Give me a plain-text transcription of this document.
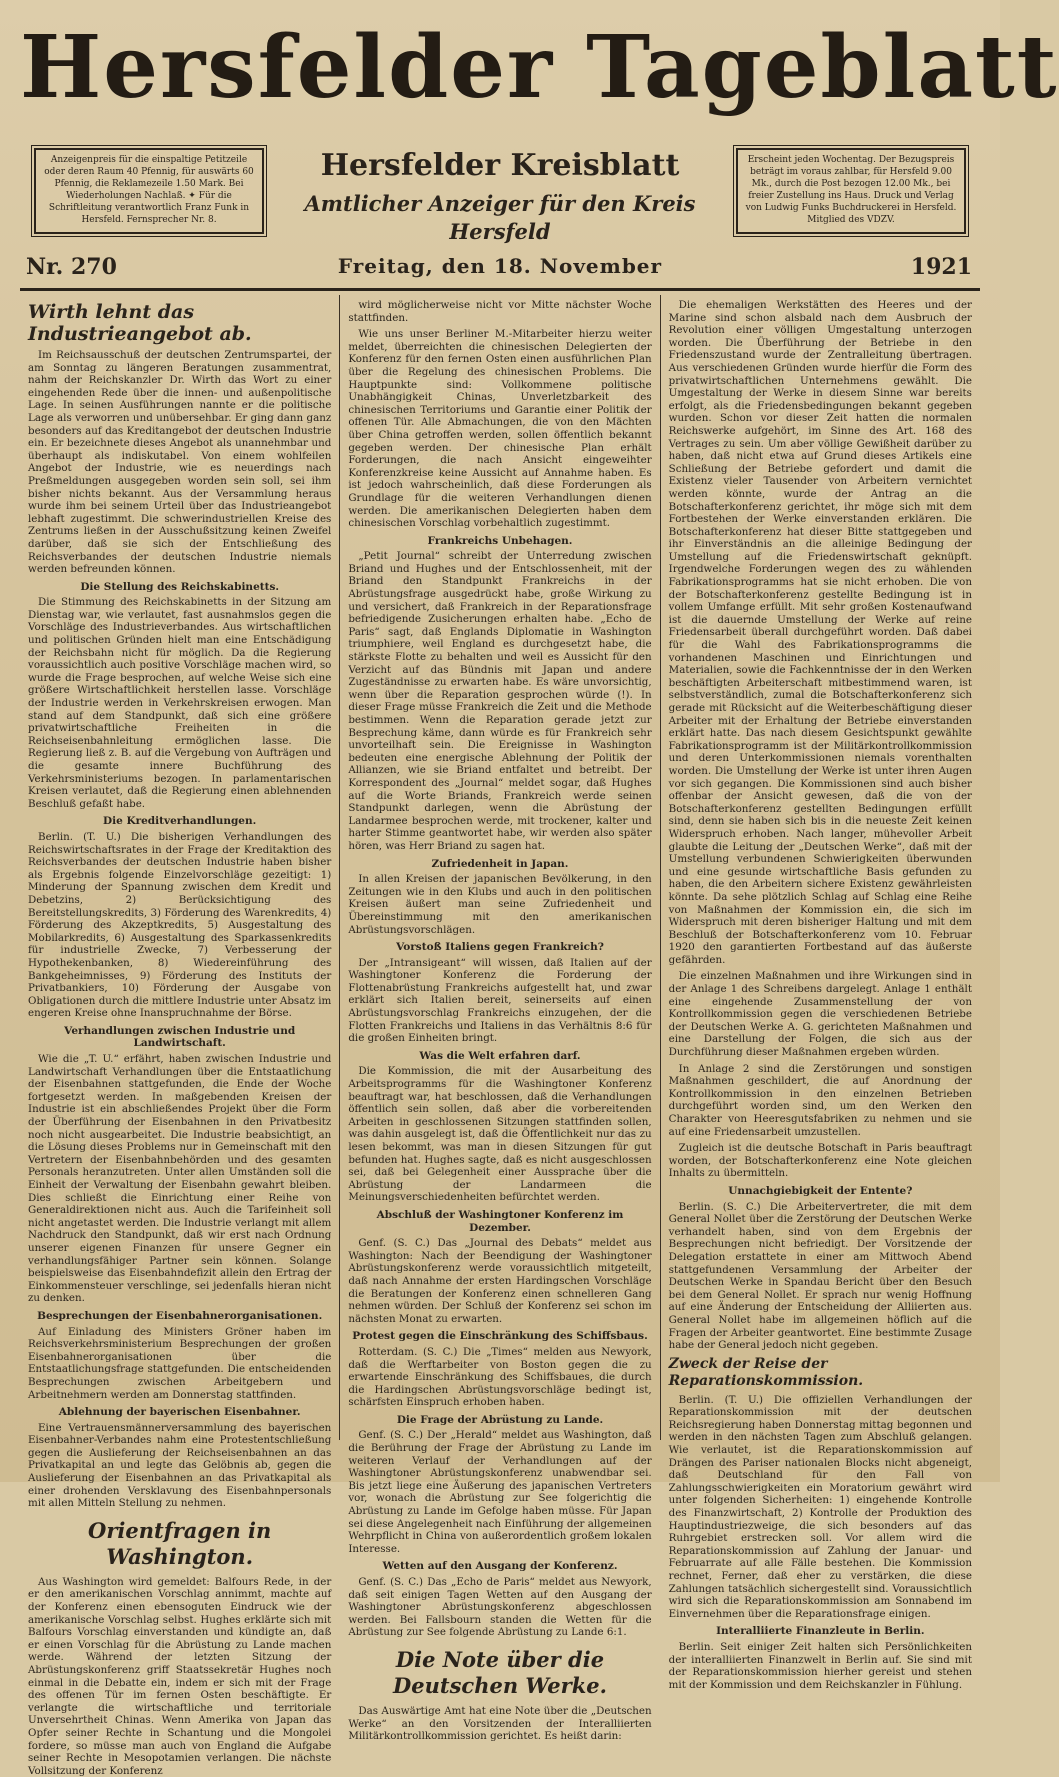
Hersfelder Tageblatt
Anzeigenpreis für die einspaltige Petitzeile oder deren Raum 40 Pfennig, für auswärts 60 Pfennig, die Reklamezeile 1.50 Mark. Bei Wiederholungen Nachlaß. ✦ Für die Schriftleitung verantwortlich Franz Funk in Hersfeld. Fernsprecher Nr. 8.
Hersfelder Kreisblatt
Amtlicher Anzeiger für den Kreis Hersfeld
Erscheint jeden Wochentag. Der Bezugspreis beträgt im voraus zahlbar, für Hersfeld 9.00 Mk., durch die Post bezogen 12.00 Mk., bei freier Zustellung ins Haus. Druck und Verlag von Ludwig Funks Buchdruckerei in Hersfeld. Mitglied des VDZV.
Nr. 270	Freitag, den 18. November	1921
Wirth lehnt das Industrieangebot ab.

Im Reichsausschuß der deutschen Zentrumspartei, der am Sonntag zu längeren Beratungen zusammentrat, nahm der Reichskanzler Dr. Wirth das Wort zu einer eingehenden Rede über die innen- und außenpolitische Lage. In seinen Ausführungen nannte er die politische Lage als verworren und unübersehbar. Er ging dann ganz besonders auf das Kreditangebot der deutschen Industrie ein. Er bezeichnete dieses Angebot als unannehmbar und überhaupt als indiskutabel. Von einem wohlfeilen Angebot der Industrie, wie es neuerdings nach Preßmeldungen ausgegeben worden sein soll, sei ihm bisher nichts bekannt. Aus der Versammlung heraus wurde ihm bei seinem Urteil über das Industrieangebot lebhaft zugestimmt. Die schwerindustriellen Kreise des Zentrums ließen in der Ausschußsitzung keinen Zweifel darüber, daß sie sich der Entschließung des Reichsverbandes der deutschen Industrie niemals werden befreunden können.

Die Stellung des Reichskabinetts.

Die Stimmung des Reichskabinetts in der Sitzung am Dienstag war, wie verlautet, fast ausnahmslos gegen die Vorschläge des Industrieverbandes. Aus wirtschaftlichen und politischen Gründen hielt man eine Entschädigung der Reichsbahn nicht für möglich. Da die Regierung voraussichtlich auch positive Vorschläge machen wird, so wurde die Frage besprochen, auf welche Weise sich eine größere Wirtschaftlichkeit herstellen lasse. Vorschläge der Industrie werden in Verkehrskreisen erwogen. Man stand auf dem Standpunkt, daß sich eine größere privatwirtschaftliche Freiheiten in die Reichseisenbahnleitung ermöglichen lasse. Die Regierung ließ z. B. auf die Vergebung von Aufträgen und die gesamte innere Buchführung des Verkehrsministeriums bezogen. In parlamentarischen Kreisen verlautet, daß die Regierung einen ablehnenden Beschluß gefaßt habe.

Die Kreditverhandlungen.

Berlin. (T. U.) Die bisherigen Verhandlungen des Reichswirtschaftsrates in der Frage der Kreditaktion des Reichsverbandes der deutschen Industrie haben bisher als Ergebnis folgende Einzelvorschläge gezeitigt: 1) Minderung der Spannung zwischen dem Kredit und Debetzins, 2) Berücksichtigung des Bereitstellungskredits, 3) Förderung des Warenkredits, 4) Förderung des Akzeptkredits, 5) Ausgestaltung des Mobilarkredits, 6) Ausgestaltung des Sparkassenkredits für industrielle Zwecke, 7) Verbesserung der Hypothekenbanken, 8) Wiedereinführung des Bankgeheimnisses, 9) Förderung des Instituts der Privatbankiers, 10) Förderung der Ausgabe von Obligationen durch die mittlere Industrie unter Absatz im engeren Kreise ohne Inanspruchnahme der Börse.

Verhandlungen zwischen Industrie und Landwirtschaft.

Wie die „T. U.“ erfährt, haben zwischen Industrie und Landwirtschaft Verhandlungen über die Entstaatlichung der Eisenbahnen stattgefunden, die Ende der Woche fortgesetzt werden. In maßgebenden Kreisen der Industrie ist ein abschließendes Projekt über die Form der Überführung der Eisenbahnen in den Privatbesitz noch nicht ausgearbeitet. Die Industrie beabsichtigt, an die Lösung dieses Problems nur in Gemeinschaft mit den Vertretern der Eisenbahnbehörden und des gesamten Personals heranzutreten. Unter allen Umständen soll die Einheit der Verwaltung der Eisenbahn gewahrt bleiben. Dies schließt die Einrichtung einer Reihe von Generaldirektionen nicht aus. Auch die Tarifeinheit soll nicht angetastet werden. Die Industrie verlangt mit allem Nachdruck den Standpunkt, daß wir erst nach Ordnung unserer eigenen Finanzen für unsere Gegner ein verhandlungsfähiger Partner sein können. Solange beispielsweise das Eisenbahndefizit allein den Ertrag der Einkommensteuer verschlinge, sei jedenfalls hieran nicht zu denken.

Besprechungen der Eisenbahnerorganisationen.

Auf Einladung des Ministers Gröner haben im Reichsverkehrsministerium Besprechungen der großen Eisenbahnerorganisationen über die Entstaatlichungsfrage stattgefunden. Die entscheidenden Besprechungen zwischen Arbeitgebern und Arbeitnehmern werden am Donnerstag stattfinden.

Ablehnung der bayerischen Eisenbahner.

Eine Vertrauensmännerversammlung des bayerischen Eisenbahner-Verbandes nahm eine Protestentschließung gegen die Auslieferung der Reichseisenbahnen an das Privatkapital an und legte das Gelöbnis ab, gegen die Auslieferung der Eisenbahnen an das Privatkapital als einer drohenden Versklavung des Eisenbahnpersonals mit allen Mitteln Stellung zu nehmen.

Orientfragen in Washington.

Aus Washington wird gemeldet: Balfours Rede, in der er den amerikanischen Vorschlag annimmt, machte auf der Konferenz einen ebensoguten Eindruck wie der amerikanische Vorschlag selbst. Hughes erklärte sich mit Balfours Vorschlag einverstanden und kündigte an, daß er einen Vorschlag für die Abrüstung zu Lande machen werde. Während der letzten Sitzung der Abrüstungskonferenz griff Staatssekretär Hughes noch einmal in die Debatte ein, indem er sich mit der Frage des offenen Tür im fernen Osten beschäftigte. Er verlangte die wirtschaftliche und territoriale Unversehrtheit Chinas. Wenn Amerika von Japan das Opfer seiner Rechte in Schantung und die Mongolei fordere, so müsse man auch von England die Aufgabe seiner Rechte in Mesopotamien verlangen. Die nächste Vollsitzung der Konferenz

wird möglicherweise nicht vor Mitte nächster Woche stattfinden.

Wie uns unser Berliner M.-Mitarbeiter hierzu weiter meldet, überreichten die chinesischen Delegierten der Konferenz für den fernen Osten einen ausführlichen Plan über die Regelung des chinesischen Problems. Die Hauptpunkte sind: Vollkommene politische Unabhängigkeit Chinas, Unverletzbarkeit des chinesischen Territoriums und Garantie einer Politik der offenen Tür. Alle Abmachungen, die von den Mächten über China getroffen werden, sollen öffentlich bekannt gegeben werden. Der chinesische Plan erhält Forderungen, die nach Ansicht eingeweihter Konferenzkreise keine Aussicht auf Annahme haben. Es ist jedoch wahrscheinlich, daß diese Forderungen als Grundlage für die weiteren Verhandlungen dienen werden. Die amerikanischen Delegierten haben dem chinesischen Vorschlag vorbehaltlich zugestimmt.

Frankreichs Unbehagen.

„Petit Journal“ schreibt der Unterredung zwischen Briand und Hughes und der Entschlossenheit, mit der Briand den Standpunkt Frankreichs in der Abrüstungsfrage ausgedrückt habe, große Wirkung zu und versichert, daß Frankreich in der Reparationsfrage befriedigende Zusicherungen erhalten habe. „Echo de Paris“ sagt, daß Englands Diplomatie in Washington triumphiere, weil England es durchgesetzt habe, die stärkste Flotte zu behalten und weil es Aussicht für den Verzicht auf das Bündnis mit Japan und andere Zugeständnisse zu erwarten habe. Es wäre unvorsichtig, wenn über die Reparation gesprochen würde (!). In dieser Frage müsse Frankreich die Zeit und die Methode bestimmen. Wenn die Reparation gerade jetzt zur Besprechung käme, dann würde es für Frankreich sehr unvorteilhaft sein. Die Ereignisse in Washington bedeuten eine energische Ablehnung der Politik der Allianzen, wie sie Briand entfaltet und betreibt. Der Korrespondent des „Journal“ meldet sogar, daß Hughes auf die Worte Briands, Frankreich werde seinen Standpunkt darlegen, wenn die Abrüstung der Landarmee besprochen werde, mit trockener, kalter und harter Stimme geantwortet habe, wir werden also später hören, was Herr Briand zu sagen hat.

Zufriedenheit in Japan.

In allen Kreisen der japanischen Bevölkerung, in den Zeitungen wie in den Klubs und auch in den politischen Kreisen äußert man seine Zufriedenheit und Übereinstimmung mit den amerikanischen Abrüstungsvorschlägen.

Vorstoß Italiens gegen Frankreich?

Der „Intransigeant“ will wissen, daß Italien auf der Washingtoner Konferenz die Forderung der Flottenabrüstung Frankreichs aufgestellt hat, und zwar erklärt sich Italien bereit, seinerseits auf einen Abrüstungsvorschlag Frankreichs einzugehen, der die Flotten Frankreichs und Italiens in das Verhältnis 8:6 für die großen Einheiten bringt.

Was die Welt erfahren darf.

Die Kommission, die mit der Ausarbeitung des Arbeitsprogramms für die Washingtoner Konferenz beauftragt war, hat beschlossen, daß die Verhandlungen öffentlich sein sollen, daß aber die vorbereitenden Arbeiten in geschlossenen Sitzungen stattfinden sollen, was dahin ausgelegt ist, daß die Öffentlichkeit nur das zu lesen bekommt, was man in diesen Sitzungen für gut befunden hat. Hughes sagte, daß es nicht ausgeschlossen sei, daß bei Gelegenheit einer Aussprache über die Abrüstung der Landarmeen die Meinungsverschiedenheiten befürchtet werden.

Abschluß der Washingtoner Konferenz im Dezember.

Genf. (S. C.) Das „Journal des Debats“ meldet aus Washington: Nach der Beendigung der Washingtoner Abrüstungskonferenz werde voraussichtlich mitgeteilt, daß nach Annahme der ersten Hardingschen Vorschläge die Beratungen der Konferenz einen schnelleren Gang nehmen würden. Der Schluß der Konferenz sei schon im nächsten Monat zu erwarten.

Protest gegen die Einschränkung des Schiffsbaus.

Rotterdam. (S. C.) Die „Times“ melden aus Newyork, daß die Werftarbeiter von Boston gegen die zu erwartende Einschränkung des Schiffsbaues, die durch die Hardingschen Abrüstungsvorschläge bedingt ist, schärfsten Einspruch erhoben haben.

Die Frage der Abrüstung zu Lande.

Genf. (S. C.) Der „Herald“ meldet aus Washington, daß die Berührung der Frage der Abrüstung zu Lande im weiteren Verlauf der Verhandlungen auf der Washingtoner Abrüstungskonferenz unabwendbar sei. Bis jetzt liege eine Äußerung des japanischen Vertreters vor, wonach die Abrüstung zur See folgerichtig die Abrüstung zu Lande im Gefolge haben müsse. Für Japan sei diese Angelegenheit nach Einführung der allgemeinen Wehrpflicht in China von außerordentlich großem lokalen Interesse.

Wetten auf den Ausgang der Konferenz.

Genf. (S. C.) Das „Echo de Paris“ meldet aus Newyork, daß seit einigen Tagen Wetten auf den Ausgang der Washingtoner Abrüstungskonferenz abgeschlossen werden. Bei Fallsbourn standen die Wetten für die Abrüstung zur See folgende Abrüstung zu Lande 6:1.

Die Note über die Deutschen Werke.

Das Auswärtige Amt hat eine Note über die „Deutschen Werke“ an den Vorsitzenden der Interalliierten Militärkontrollkommission gerichtet. Es heißt darin:

Die ehemaligen Werkstätten des Heeres und der Marine sind schon alsbald nach dem Ausbruch der Revolution einer völligen Umgestaltung unterzogen worden. Die Überführung der Betriebe in den Friedenszustand wurde der Zentralleitung übertragen. Aus verschiedenen Gründen wurde hierfür die Form des privatwirtschaftlichen Unternehmens gewählt. Die Umgestaltung der Werke in diesem Sinne war bereits erfolgt, als die Friedensbedingungen bekannt gegeben wurden. Schon vor dieser Zeit hatten die normalen Reichswerke aufgehört, im Sinne des Art. 168 des Vertrages zu sein. Um aber völlige Gewißheit darüber zu haben, daß nicht etwa auf Grund dieses Artikels eine Schließung der Betriebe gefordert und damit die Existenz vieler Tausender von Arbeitern vernichtet werden könnte, wurde der Antrag an die Botschafterkonferenz gerichtet, ihr möge sich mit dem Fortbestehen der Werke einverstanden erklären. Die Botschafterkonferenz hat dieser Bitte stattgegeben und ihr Einverständnis an die alleinige Bedingung der Umstellung auf die Friedenswirtschaft geknüpft. Irgendwelche Forderungen wegen des zu wählenden Fabrikationsprogramms hat sie nicht erhoben. Die von der Botschafterkonferenz gestellte Bedingung ist in vollem Umfange erfüllt. Mit sehr großen Kostenaufwand ist die dauernde Umstellung der Werke auf reine Friedensarbeit überall durchgeführt worden. Daß dabei für die Wahl des Fabrikationsprogramms die vorhandenen Maschinen und Einrichtungen und Materialien, sowie die Fachkenntnisse der in den Werken beschäftigten Arbeiterschaft mitbestimmend waren, ist selbstverständlich, zumal die Botschafterkonferenz sich gerade mit Rücksicht auf die Weiterbeschäftigung dieser Arbeiter mit der Erhaltung der Betriebe einverstanden erklärt hatte. Das nach diesem Gesichtspunkt gewählte Fabrikationsprogramm ist der Militärkontrollkommission und deren Unterkommissionen niemals vorenthalten worden. Die Umstellung der Werke ist unter ihren Augen vor sich gegangen. Die Kommissionen sind auch bisher offenbar der Ansicht gewesen, daß die von der Botschafterkonferenz gestellten Bedingungen erfüllt sind, denn sie haben sich bis in die neueste Zeit keinen Widerspruch erhoben. Nach langer, mühevoller Arbeit glaubte die Leitung der „Deutschen Werke“, daß mit der Umstellung verbundenen Schwierigkeiten überwunden und eine gesunde wirtschaftliche Basis gefunden zu haben, die den Arbeitern sichere Existenz gewährleisten könnte. Da sehe plötzlich Schlag auf Schlag eine Reihe von Maßnahmen der Kommission ein, die sich im Widerspruch mit deren bisheriger Haltung und mit dem Beschluß der Botschafterkonferenz vom 10. Februar 1920 den garantierten Fortbestand auf das äußerste gefährden.

Die einzelnen Maßnahmen und ihre Wirkungen sind in der Anlage 1 des Schreibens dargelegt. Anlage 1 enthält eine eingehende Zusammenstellung der von Kontrollkommission gegen die verschiedenen Betriebe der Deutschen Werke A. G. gerichteten Maßnahmen und eine Darstellung der Folgen, die sich aus der Durchführung dieser Maßnahmen ergeben würden.

In Anlage 2 sind die Zerstörungen und sonstigen Maßnahmen geschildert, die auf Anordnung der Kontrollkommission in den einzelnen Betrieben durchgeführt worden sind, um den Werken den Charakter von Heeresgutsfabriken zu nehmen und sie auf eine Friedensarbeit umzustellen.

Zugleich ist die deutsche Botschaft in Paris beauftragt worden, der Botschafterkonferenz eine Note gleichen Inhalts zu übermitteln.

Unnachgiebigkeit der Entente?

Berlin. (S. C.) Die Arbeitervertreter, die mit dem General Nollet über die Zerstörung der Deutschen Werke verhandelt haben, sind von dem Ergebnis der Besprechungen nicht befriedigt. Der Vorsitzende der Delegation erstattete in einer am Mittwoch Abend stattgefundenen Versammlung der Arbeiter der Deutschen Werke in Spandau Bericht über den Besuch bei dem General Nollet. Er sprach nur wenig Hoffnung auf eine Änderung der Entscheidung der Alliierten aus. General Nollet habe im allgemeinen höflich auf die Fragen der Arbeiter geantwortet. Eine bestimmte Zusage habe der General jedoch nicht gegeben.

Zweck der Reise der Reparationskommission.

Berlin. (T. U.) Die offiziellen Verhandlungen der Reparationskommission mit der deutschen Reichsregierung haben Donnerstag mittag begonnen und werden in den nächsten Tagen zum Abschluß gelangen. Wie verlautet, ist die Reparationskommission auf Drängen des Pariser nationalen Blocks nicht abgeneigt, daß Deutschland für den Fall von Zahlungsschwierigkeiten ein Moratorium gewährt wird unter folgenden Sicherheiten: 1) eingehende Kontrolle des Finanzwirtschaft, 2) Kontrolle der Produktion des Hauptindustriezweige, die sich besonders auf das Ruhrgebiet erstrecken soll. Vor allem wird die Reparationskommission auf Zahlung der Januar- und Februarrate auf alle Fälle bestehen. Die Kommission rechnet, Ferner, daß eher zu verstärken, die diese Zahlungen tatsächlich sichergestellt sind. Voraussichtlich wird sich die Reparationskommission am Sonnabend im Einvernehmen über die Reparationsfrage einigen.

Interalliierte Finanzleute in Berlin.

Berlin. Seit einiger Zeit halten sich Persönlichkeiten der interalliierten Finanzwelt in Berlin auf. Sie sind mit der Reparationskommission hierher gereist und stehen mit der Kommission und dem Reichskanzler in Fühlung.
